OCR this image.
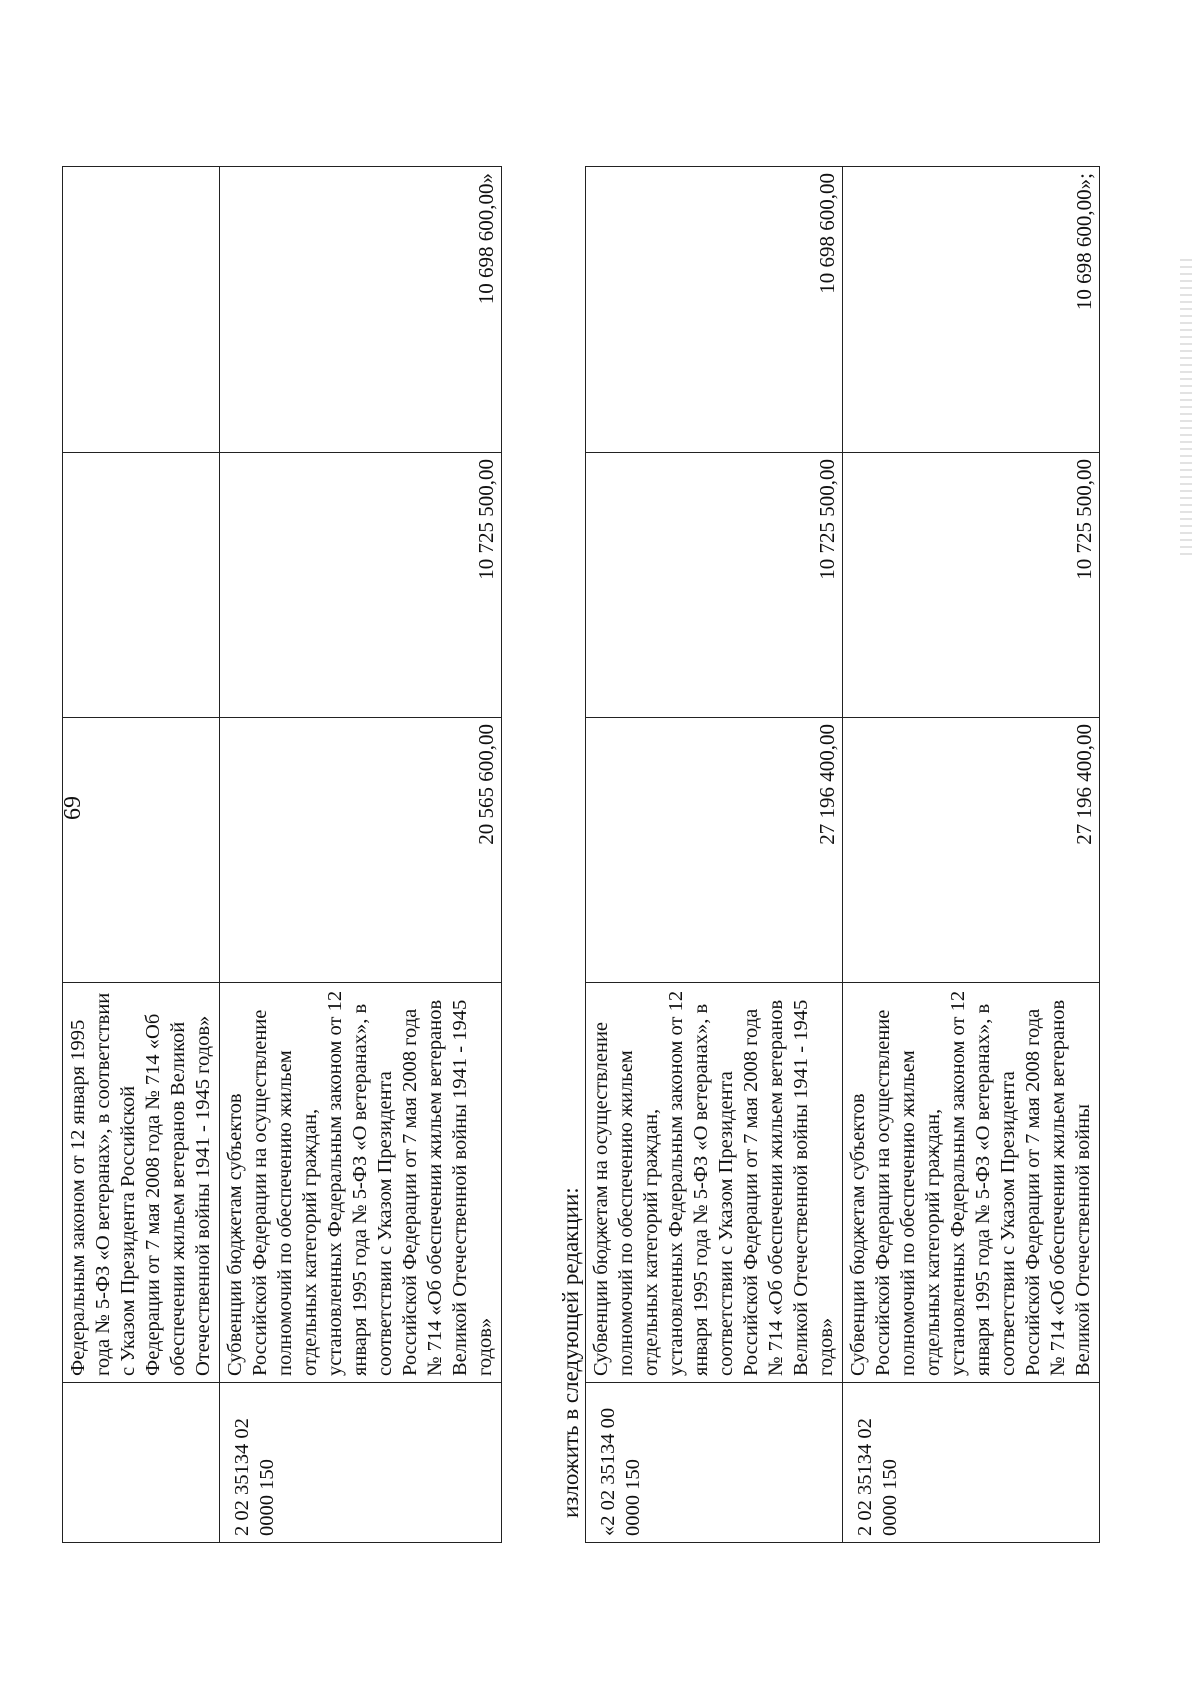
69
	Федеральным законом от 12 января 1995 года № 5-ФЗ «О ветеранах», в соответствии с Указом Президента Российской Федерации от 7 мая 2008 года № 714 «Об обеспечении жильем ветеранов Великой Отечественной войны 1941 - 1945 годов»			
2 02 35134 02 0000 150	Субвенции бюджетам субъектов Российской Федерации на осуществление полномочий по обеспечению жильем отдельных категорий граждан, установленных Федеральным законом от 12 января 1995 года № 5-ФЗ «О ветеранах», в соответствии с Указом Президента Российской Федерации от 7 мая 2008 года № 714 «Об обеспечении жильем ветеранов Великой Отечественной войны 1941 - 1945 годов»	20 565 600,00	10 725 500,00	10 698 600,00»
изложить в следующей редакции: «2 02 35134 00 0000 150	Субвенции бюджетам на осуществление полномочий по обеспечению жильем отдельных категорий граждан, установленных Федеральным законом от 12 января 1995 года № 5-ФЗ «О ветеранах», в соответствии с Указом Президента Российской Федерации от 7 мая 2008 года № 714 «Об обеспечении жильем ветеранов Великой Отечественной войны 1941 - 1945 годов»	27 196 400,00	10 725 500,00	10 698 600,00
2 02 35134 02 0000 150	Субвенции бюджетам субъектов Российской Федерации на осуществление полномочий по обеспечению жильем отдельных категорий граждан, установленных Федеральным законом от 12 января 1995 года № 5-ФЗ «О ветеранах», в соответствии с Указом Президента Российской Федерации от 7 мая 2008 года № 714 «Об обеспечении жильем ветеранов Великой Отечественной войны	27 196 400,00	10 725 500,00	10 698 600,00»;
